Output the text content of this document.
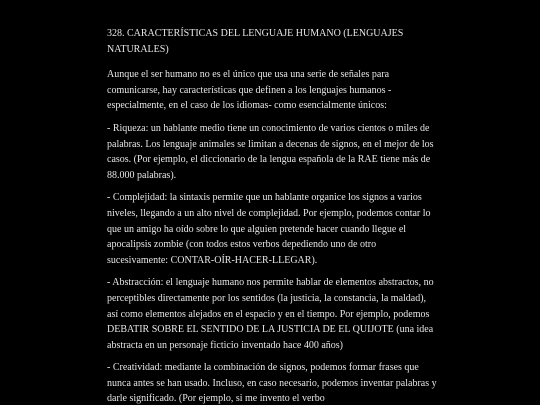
328. CARACTERÍSTICAS DEL LENGUAJE HUMANO (LENGUAJES NATURALES)

Aunque el ser humano no es el único que usa una serie de señales para comunicarse, hay características que definen a los lenguajes humanos - especialmente, en el caso de los idiomas- como esencialmente únicos:

- Riqueza: un hablante medio tiene un conocimiento de varios cientos o miles de palabras. Los lenguaje animales se limitan a decenas de signos, en el mejor de los casos. (Por ejemplo, el diccionario de la lengua española de la RAE tiene más de 88.000 palabras).

- Complejidad: la sintaxis permite que un hablante organice los signos a varios niveles, llegando a un alto nivel de complejidad. Por ejemplo, podemos contar lo que un amigo ha oído sobre lo que alguien pretende hacer cuando llegue el apocalipsis zombie (con todos estos verbos depediendo uno de otro sucesivamente: CONTAR-OÍR-HACER-LLEGAR).

- Abstracción: el lenguaje humano nos permite hablar de elementos abstractos, no perceptibles directamente por los sentidos (la justicia, la constancia, la maldad), así como elementos alejados en el espacio y en el tiempo. Por ejemplo, podemos DEBATIR SOBRE EL SENTIDO DE LA JUSTICIA DE EL QUIJOTE (una idea abstracta en un personaje ficticio inventado hace 400 años)

- Creatividad: mediante la combinación de signos, podemos formar frases que nunca antes se han usado. Incluso, en caso necesario, podemos inventar palabras y darle significado. (Por ejemplo, si me invento el verbo
